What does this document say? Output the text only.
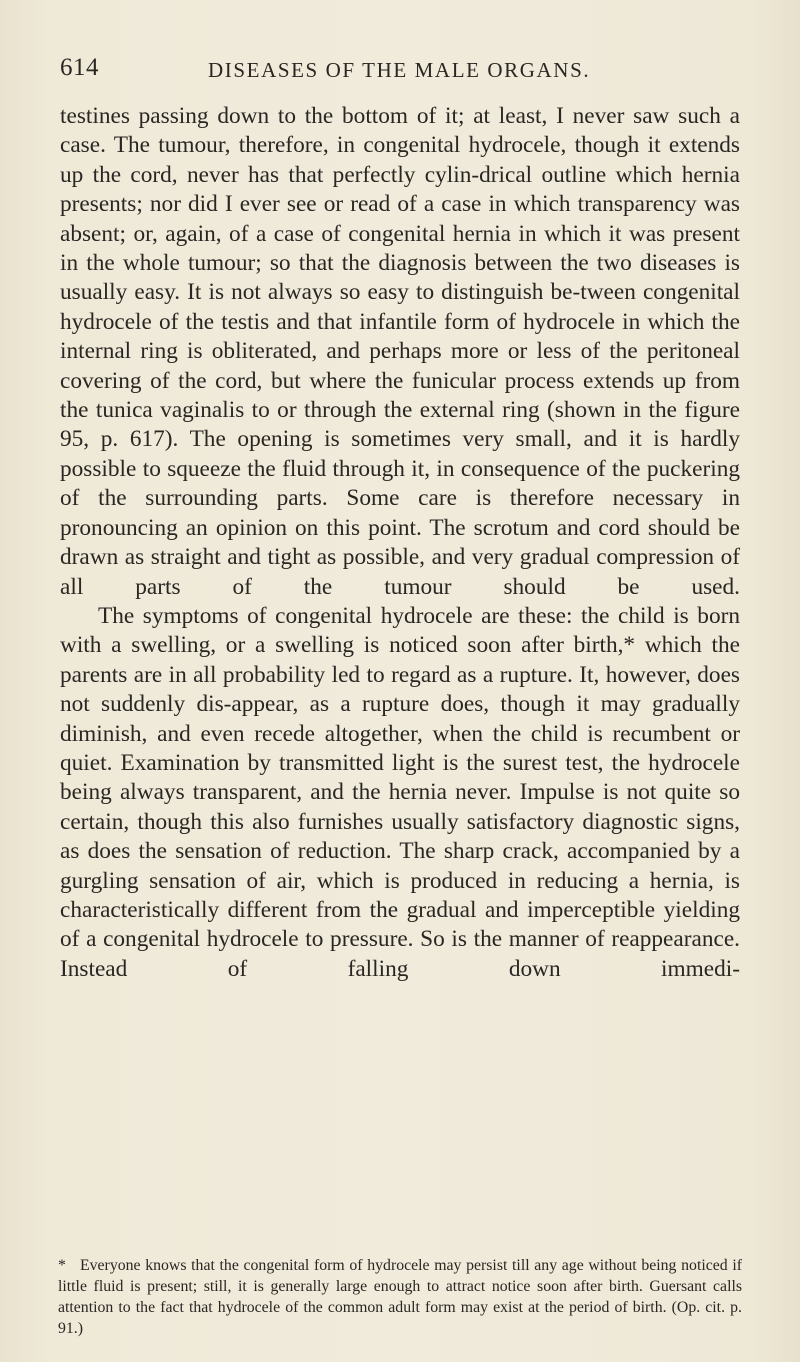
614	DISEASES OF THE MALE ORGANS.

testines passing down to the bottom of it; at least, I never saw such a case. The tumour, therefore, in congenital hydrocele, though it extends up the cord, never has that perfectly cylin-drical outline which hernia presents; nor did I ever see or read of a case in which transparency was absent; or, again, of a case of congenital hernia in which it was present in the whole tumour; so that the diagnosis between the two diseases is usually easy. It is not always so easy to distinguish be-tween congenital hydrocele of the testis and that infantile form of hydrocele in which the internal ring is obliterated, and perhaps more or less of the peritoneal covering of the cord, but where the funicular process extends up from the tunica vaginalis to or through the external ring (shown in the figure 95, p. 617). The opening is sometimes very small, and it is hardly possible to squeeze the fluid through it, in consequence of the puckering of the surrounding parts. Some care is therefore necessary in pronouncing an opinion on this point. The scrotum and cord should be drawn as straight and tight as possible, and very gradual compression of all parts of the tumour should be used.

The symptoms of congenital hydrocele are these: the child is born with a swelling, or a swelling is noticed soon after birth,* which the parents are in all probability led to regard as a rupture. It, however, does not suddenly dis-appear, as a rupture does, though it may gradually diminish, and even recede altogether, when the child is recumbent or quiet. Examination by transmitted light is the surest test, the hydrocele being always transparent, and the hernia never. Impulse is not quite so certain, though this also furnishes usually satisfactory diagnostic signs, as does the sensation of reduction. The sharp crack, accompanied by a gurgling sensation of air, which is produced in reducing a hernia, is characteristically different from the gradual and imperceptible yielding of a congenital hydrocele to pressure. So is the manner of reappearance. Instead of falling down immedi-

* Everyone knows that the congenital form of hydrocele may persist till any age without being noticed if little fluid is present; still, it is generally large enough to attract notice soon after birth. Guersant calls attention to the fact that hydrocele of the common adult form may exist at the period of birth. (Op. cit. p. 91.)
